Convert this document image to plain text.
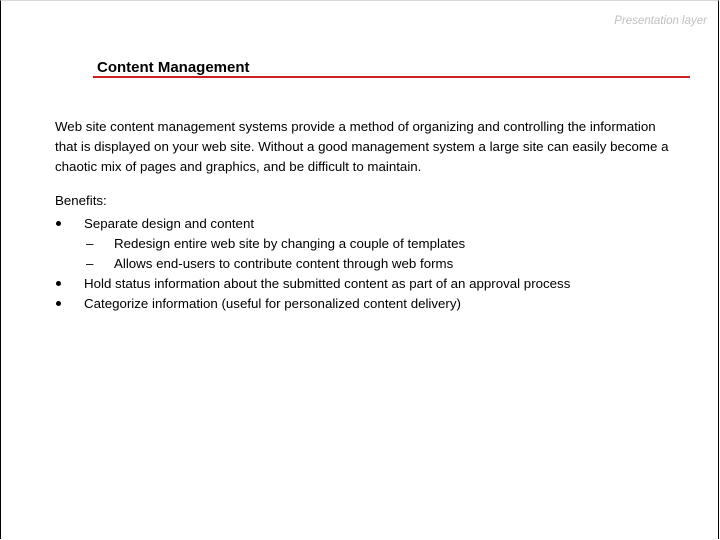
Presentation layer
Content Management
Web site content management systems provide a method of organizing and controlling the information that is displayed on your web site. Without a good management system a large site can easily become a chaotic mix of pages and graphics, and be difficult to maintain.
Benefits:
Separate design and content
– Redesign entire web site by changing a couple of templates
– Allows end-users to contribute content through web forms
Hold status information about the submitted content as part of an approval process
Categorize information (useful for personalized content delivery)
